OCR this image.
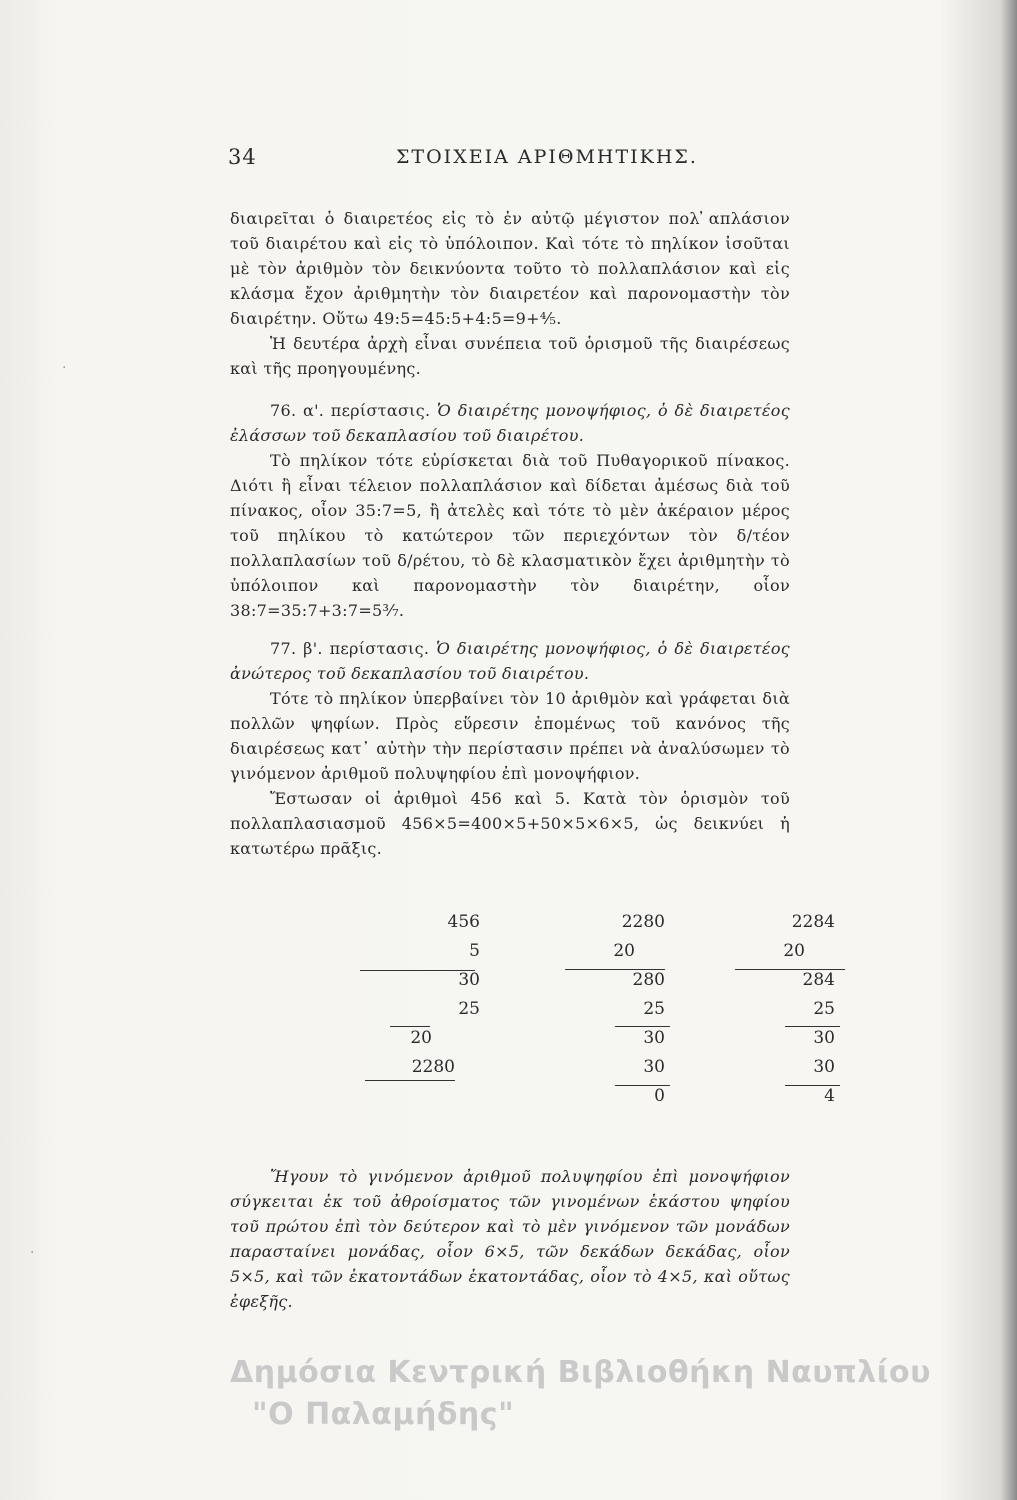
34	ΣΤΟΙΧΕΙΑ ΑΡΙΘΜΗΤΙΚΗΣ.

διαιρεῖται ὁ διαιρετέος εἰς τὸ ἐν αὐτῷ μέγιστον πολ ̓απλάσιον τοῦ διαιρέτου καὶ εἰς τὸ ὑπόλοιπον. Καὶ τότε τὸ πηλίκον ἰσοῦται μὲ τὸν ἀριθμὸν τὸν δεικνύοντα τοῦτο τὸ πολλαπλάσιον καὶ εἰς κλάσμα ἔχον ἀριθμητὴν τὸν διαιρετέον καὶ παρονομαστὴν τὸν διαιρέτην. Οὕτω 49:5=45:5+4:5=9+⁴⁄₅.

Ἡ δευτέρα ἀρχὴ εἶναι συνέπεια τοῦ ὁρισμοῦ τῆς διαιρέσεως καὶ τῆς προηγουμένης.

76. α'. περίστασις. Ὁ διαιρέτης μονοψήφιος, ὁ δὲ διαιρετέος ἐλάσσων τοῦ δεκαπλασίου τοῦ διαιρέτου.

Τὸ πηλίκον τότε εὑρίσκεται διὰ τοῦ Πυθαγορικοῦ πίνακος. Διότι ἢ εἶναι τέλειον πολλαπλάσιον καὶ δίδεται ἀμέσως διὰ τοῦ πίνακος, οἷον 35:7=5, ἢ ἀτελὲς καὶ τότε τὸ μὲν ἀκέραιον μέρος τοῦ πηλίκου τὸ κατώτερον τῶν περιεχόντων τὸν δ/τέον πολλαπλασίων τοῦ δ/ρέτου, τὸ δὲ κλασματικὸν ἔχει ἀριθμητὴν τὸ ὑπόλοιπον καὶ παρονομαστὴν τὸν διαιρέτην, οἷον 38:7=35:7+3:7=5³⁄₇.

77. β'. περίστασις. Ὁ διαιρέτης μονοψήφιος, ὁ δὲ διαιρετέος ἀνώτερος τοῦ δεκαπλασίου τοῦ διαιρέτου.

Τότε τὸ πηλίκον ὑπερβαίνει τὸν 10 ἀριθμὸν καὶ γράφεται διὰ πολλῶν ψηφίων. Πρὸς εὕρεσιν ἑπομένως τοῦ κανόνος τῆς διαιρέσεως κατ᾿ αὐτὴν τὴν περίστασιν πρέπει νὰ ἀναλύσωμεν τὸ γινόμενον ἀριθμοῦ πολυψηφίου ἐπὶ μονοψήφιον.

Ἔστωσαν οἱ ἀριθμοὶ 456 καὶ 5. Κατὰ τὸν ὁρισμὸν τοῦ πολλαπλασιασμοῦ 456×5=400×5+50×5×6×5, ὡς δεικνύει ἡ κατωτέρω πρᾶξις.

456
5
30
25
20
2280
2280
20
280
25
30
30
0
2284
20
284
25
30
30
4

Ἤγουν τὸ γινόμενον ἀριθμοῦ πολυψηφίου ἐπὶ μονοψήφιον σύγκειται ἐκ τοῦ ἀθροίσματος τῶν γινομένων ἑκάστου ψηφίου τοῦ πρώτου ἐπὶ τὸν δεύτερον καὶ τὸ μὲν γινόμενον τῶν μονάδων παρασταίνει μονάδας, οἷον 6×5, τῶν δεκάδων δεκάδας, οἷον 5×5, καὶ τῶν ἑκατοντάδων ἑκατοντάδας, οἷον τὸ 4×5, καὶ οὕτως ἐφεξῆς.

Δημόσια Κεντρική Βιβλιοθήκη Ναυπλίου
"Ο Παλαμήδης"
·
·
